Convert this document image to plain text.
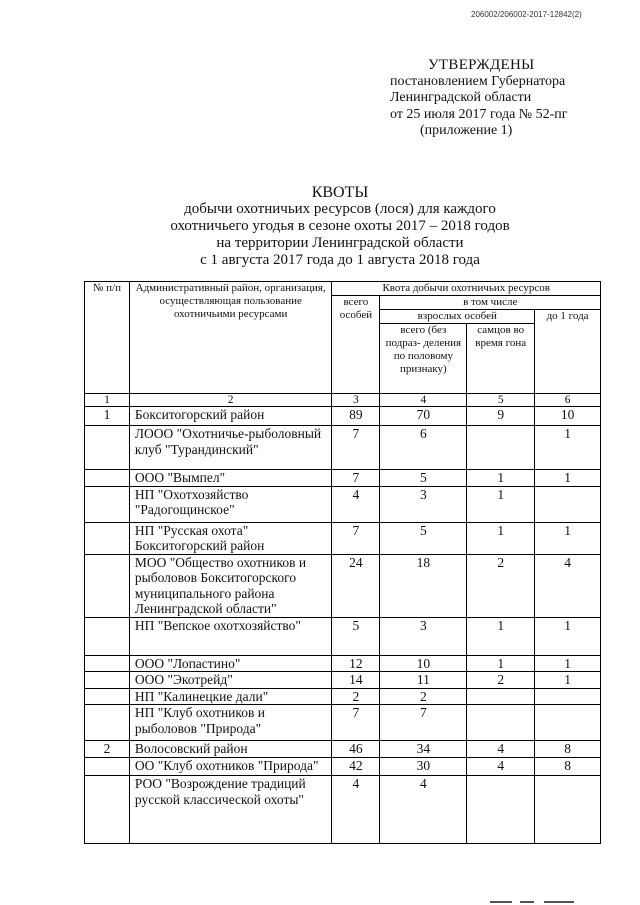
206002/206002-2017-12842(2)
УТВЕРЖДЕНЫ
постановлением Губернатора
Ленинградской области
от 25 июля 2017 года № 52-пг
(приложение 1)
КВОТЫ
добычи охотничьих ресурсов (лося) для каждого
охотничьего угодья в сезоне охоты 2017 – 2018 годов
на территории Ленинградской области
с 1 августа 2017 года до 1 августа 2018 года
№ п/п	Административный район, организация, осуществляющая пользование охотничьими ресурсами	Квота добычи охотничьих ресурсов			
		всего особей	в том числе		
			взрослых особей		до 1 года
			всего (без подраз- деления по половому признаку)	самцов во время гона	
1	2	3	4	5	6
1	Бокситогорский район	89	70	9	10
	ЛООО "Охотничье-рыболовный клуб "Турандинский"	7	6		1
	ООО "Вымпел"	7	5	1	1
	НП "Охотхозяйство "Радогощинское"	4	3	1	
	НП "Русская охота" Бокситогорский район	7	5	1	1
	МОО "Общество охотников и рыболовов Бокситогорского муниципального района Ленинградской области"	24	18	2	4
	НП "Вепское охотхозяйство"	5	3	1	1
	ООО "Лопастино"	12	10	1	1
	ООО "Экотрейд"	14	11	2	1
	НП "Калинецкие дали"	2	2		
	НП "Клуб охотников и рыболовов "Природа"	7	7		
2	Волосовский район	46	34	4	8
	ОО "Клуб охотников "Природа"	42	30	4	8
	РОО "Возрождение традиций русской классической охоты"	4	4		
